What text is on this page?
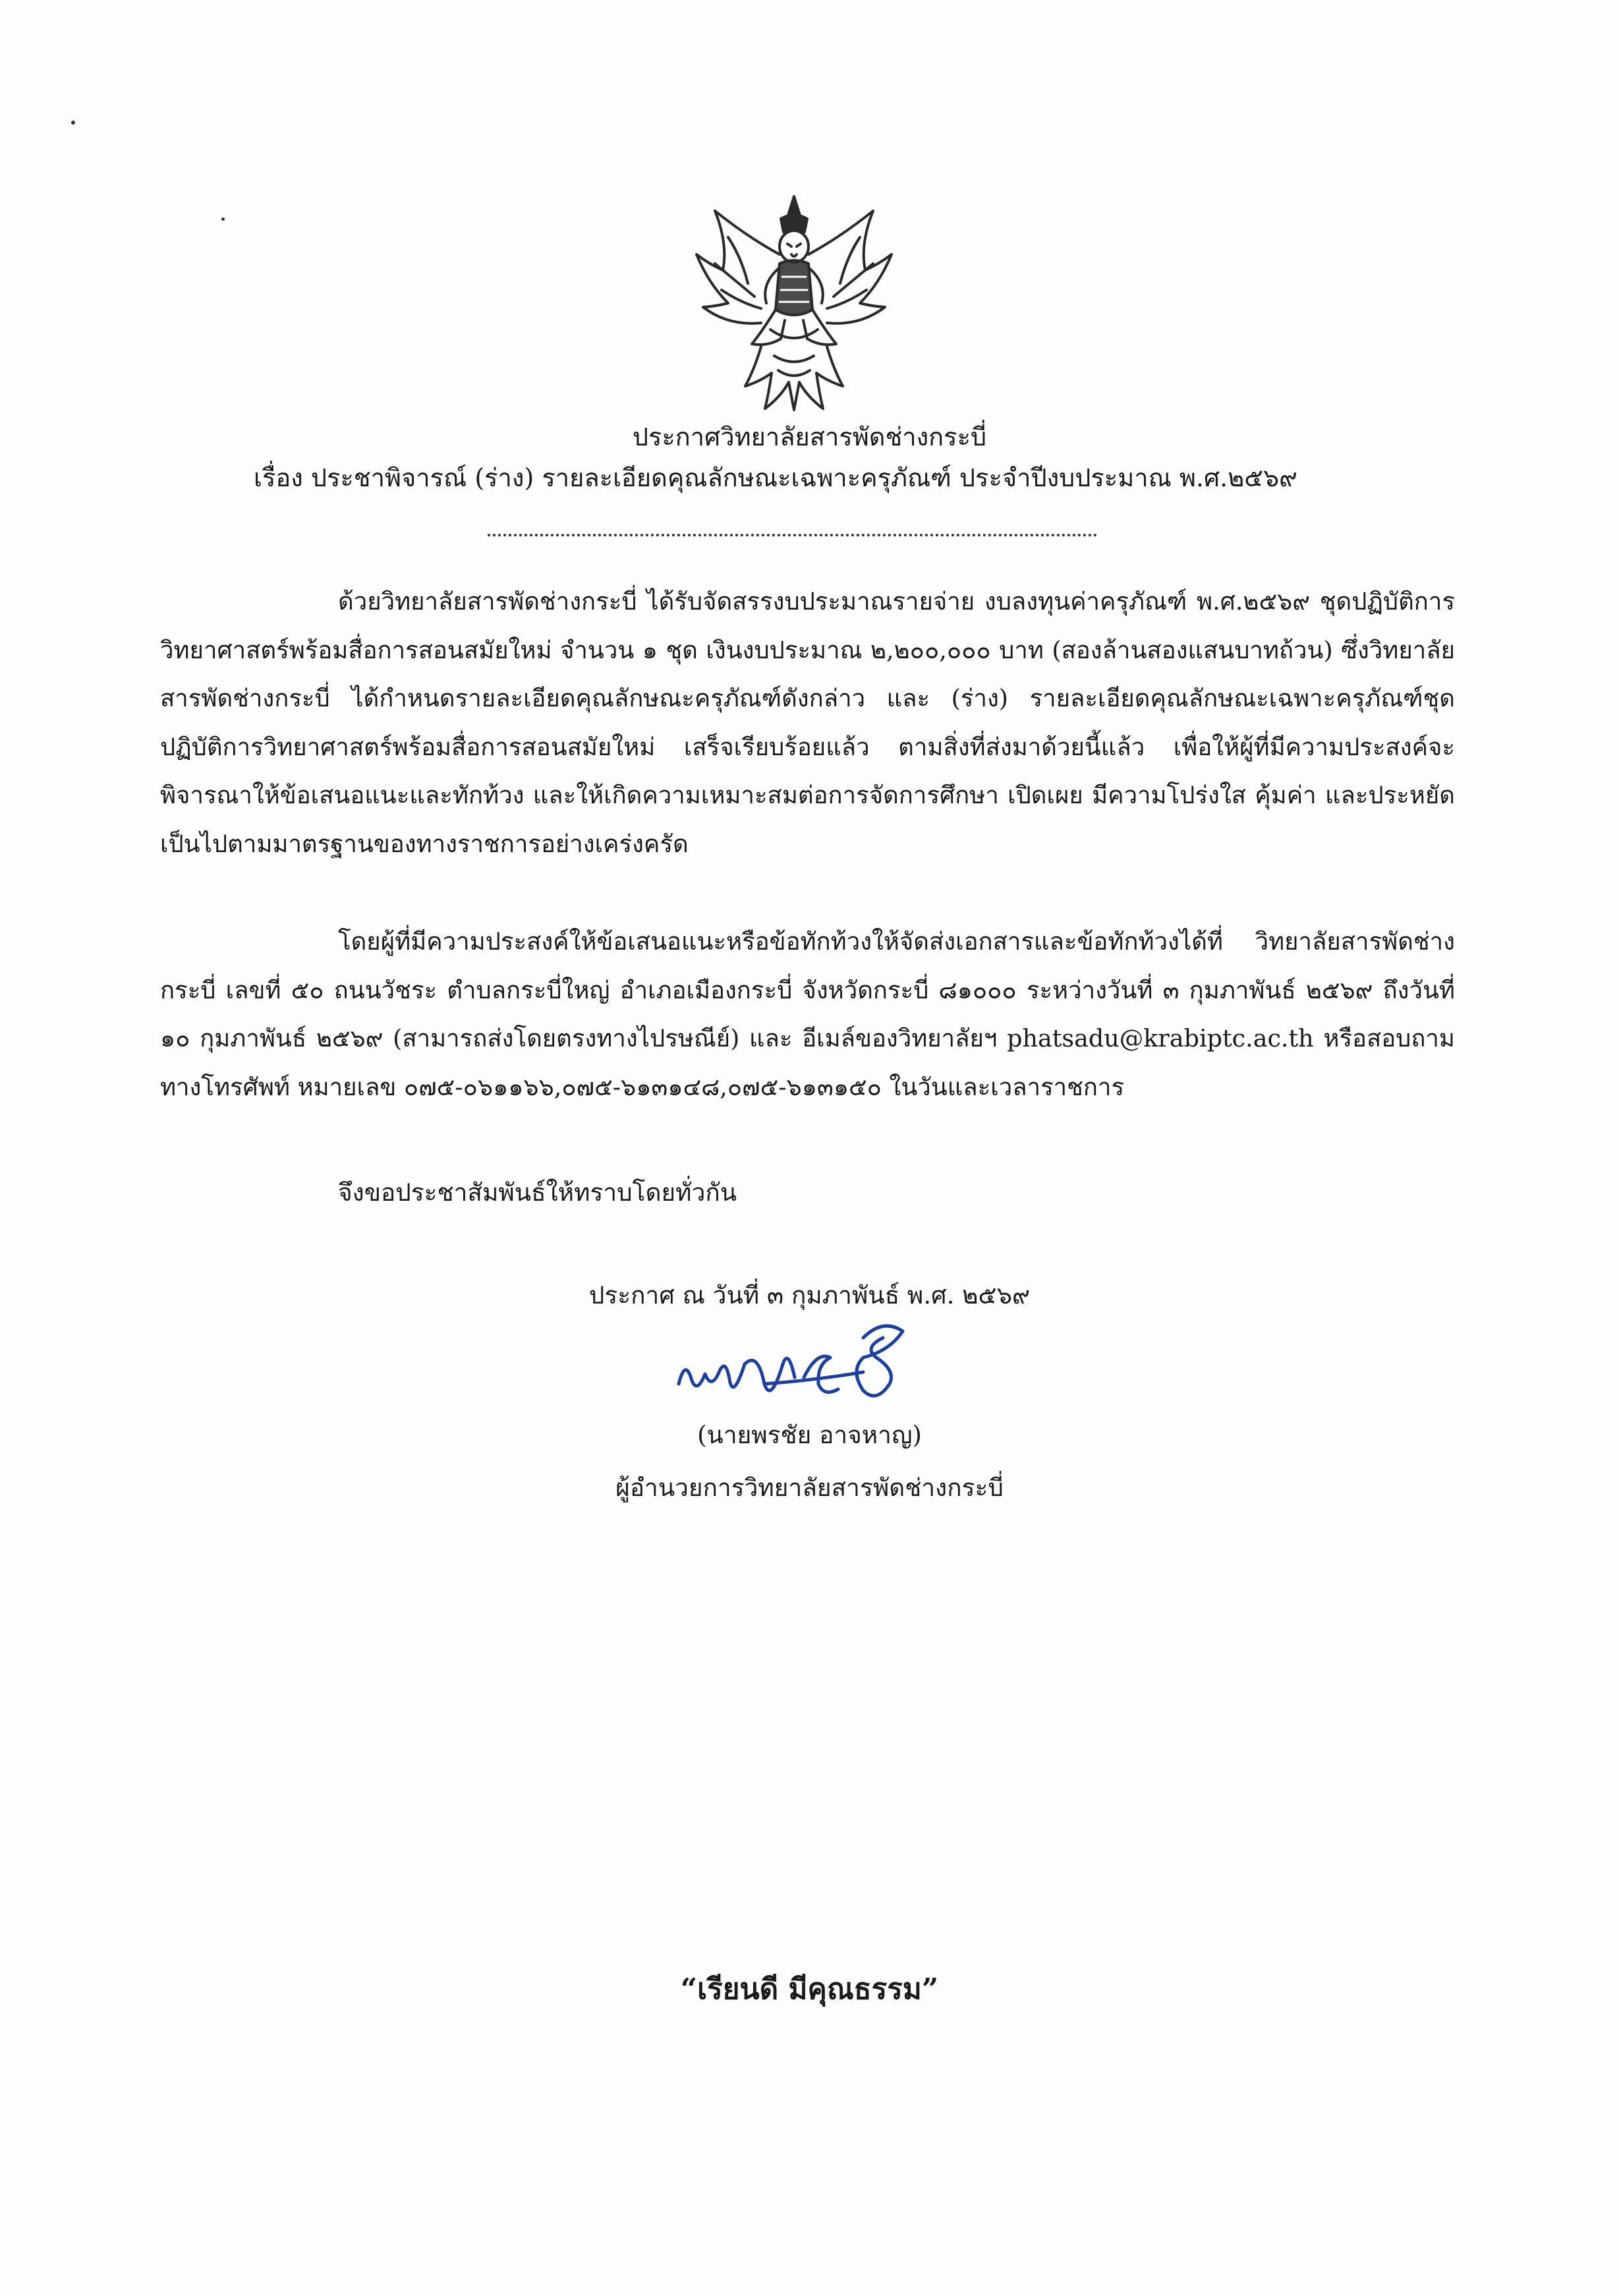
ประกาศวิทยาลัยสารพัดช่างกระบี่
เรื่อง ประชาพิจารณ์ (ร่าง) รายละเอียดคุณลักษณะเฉพาะครุภัณฑ์ ประจำปีงบประมาณ พ.ศ.๒๕๖๙
ด้วยวิทยาลัยสารพัดช่างกระบี่ ได้รับจัดสรรงบประมาณรายจ่าย งบลงทุนค่าครุภัณฑ์ พ.ศ.๒๕๖๙ ชุดปฏิบัติการวิทยาศาสตร์พร้อมสื่อการสอนสมัยใหม่ จำนวน ๑ ชุด เงินงบประมาณ ๒,๒๐๐,๐๐๐ บาท (สองล้านสองแสนบาทถ้วน) ซึ่งวิทยาลัยสารพัดช่างกระบี่ ได้กำหนดรายละเอียดคุณลักษณะครุภัณฑ์ดังกล่าว และ (ร่าง) รายละเอียดคุณลักษณะเฉพาะครุภัณฑ์ชุดปฏิบัติการวิทยาศาสตร์พร้อมสื่อการสอนสมัยใหม่ เสร็จเรียบร้อยแล้ว ตามสิ่งที่ส่งมาด้วยนี้แล้ว เพื่อให้ผู้ที่มีความประสงค์จะพิจารณาให้ข้อเสนอแนะและทักท้วง และให้เกิดความเหมาะสมต่อการจัดการศึกษา เปิดเผย มีความโปร่งใส คุ้มค่า และประหยัด เป็นไปตามมาตรฐานของทางราชการอย่างเคร่งครัด
โดยผู้ที่มีความประสงค์ให้ข้อเสนอแนะหรือข้อทักท้วงให้จัดส่งเอกสารและข้อทักท้วงได้ที่ วิทยาลัยสารพัดช่างกระบี่ เลขที่ ๕๐ ถนนวัชระ ตำบลกระบี่ใหญ่ อำเภอเมืองกระบี่ จังหวัดกระบี่ ๘๑๐๐๐ ระหว่างวันที่ ๓ กุมภาพันธ์ ๒๕๖๙ ถึงวันที่ ๑๐ กุมภาพันธ์ ๒๕๖๙ (สามารถส่งโดยตรงทางไปรษณีย์) และ อีเมล์ของวิทยาลัยฯ phatsadu@krabiptc.ac.th หรือสอบถามทางโทรศัพท์ หมายเลข ๐๗๕-๐๖๑๑๖๖,๐๗๕-๖๑๓๑๔๘,๐๗๕-๖๑๓๑๕๐ ในวันและเวลาราชการ
จึงขอประชาสัมพันธ์ให้ทราบโดยทั่วกัน
ประกาศ ณ วันที่ ๓ กุมภาพันธ์ พ.ศ. ๒๕๖๙
(นายพรชัย อาจหาญ)
ผู้อำนวยการวิทยาลัยสารพัดช่างกระบี่
“เรียนดี มีคุณธรรม”
